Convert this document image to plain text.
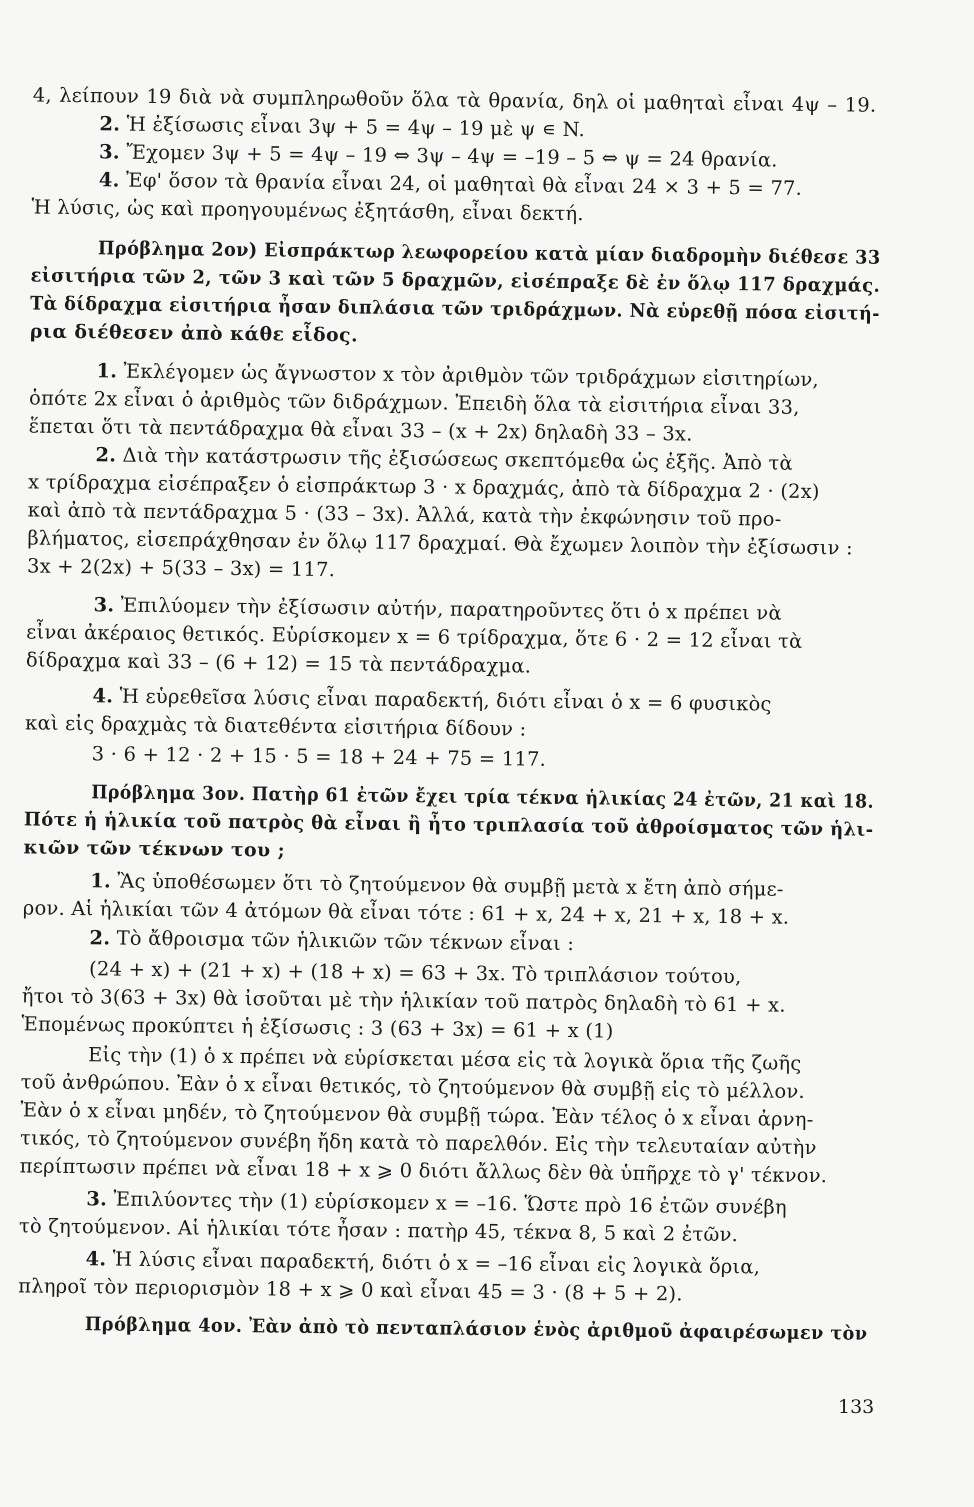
4, λείπουν 19 διὰ νὰ συμπληρωθοῦν ὅλα τὰ θρανία, δηλ οἱ μαθηταὶ εἶναι 4ψ – 19.
2. Ἡ ἐξίσωσις εἶναι 3ψ + 5 = 4ψ – 19 μὲ ψ ∊ N.
3. Ἔχομεν 3ψ + 5 = 4ψ – 19 ⇔ 3ψ – 4ψ = –19 – 5 ⇔ ψ = 24 θρανία.
4. Ἐφ' ὅσον τὰ θρανία εἶναι 24, οἱ μαθηταὶ θὰ εἶναι 24 × 3 + 5 = 77.
Ἡ λύσις, ὡς καὶ προηγουμένως ἐξητάσθη, εἶναι δεκτή.
Πρόβλημα 2ον) Εἰσπράκτωρ λεωφορείου κατὰ μίαν διαδρομὴν διέθεσε 33
εἰσιτήρια τῶν 2, τῶν 3 καὶ τῶν 5 δραχμῶν, εἰσέπραξε δὲ ἐν ὅλῳ 117 δραχμάς.
Τὰ δίδραχμα εἰσιτήρια ἦσαν διπλάσια τῶν τριδράχμων. Νὰ εὑρεθῇ πόσα εἰσιτή-
ρια διέθεσεν ἀπὸ κάθε εἶδος.
1. Ἐκλέγομεν ὡς ἄγνωστον x τὸν ἀριθμὸν τῶν τριδράχμων εἰσιτηρίων,
ὁπότε 2x εἶναι ὁ ἀριθμὸς τῶν διδράχμων. Ἐπειδὴ ὅλα τὰ εἰσιτήρια εἶναι 33,
ἕπεται ὅτι τὰ πεντάδραχμα θὰ εἶναι 33 – (x + 2x) δηλαδὴ 33 – 3x.
2. Διὰ τὴν κατάστρωσιν τῆς ἐξισώσεως σκεπτόμεθα ὡς ἑξῆς. Ἀπὸ τὰ
x τρίδραχμα εἰσέπραξεν ὁ εἰσπράκτωρ 3 · x δραχμάς, ἀπὸ τὰ δίδραχμα 2 · (2x)
καὶ ἀπὸ τὰ πεντάδραχμα 5 · (33 – 3x). Ἀλλά, κατὰ τὴν ἐκφώνησιν τοῦ προ-
βλήματος, εἰσεπράχθησαν ἐν ὅλῳ 117 δραχμαί. Θὰ ἔχωμεν λοιπὸν τὴν ἐξίσωσιν :
3x + 2(2x) + 5(33 – 3x) = 117.
3. Ἐπιλύομεν τὴν ἐξίσωσιν αὐτήν, παρατηροῦντες ὅτι ὁ x πρέπει νὰ
εἶναι ἀκέραιος θετικός. Εὑρίσκομεν x = 6 τρίδραχμα, ὅτε 6 · 2 = 12 εἶναι τὰ
δίδραχμα καὶ 33 – (6 + 12) = 15 τὰ πεντάδραχμα.
4. Ἡ εὑρεθεῖσα λύσις εἶναι παραδεκτή, διότι εἶναι ὁ x = 6 φυσικὸς
καὶ εἰς δραχμὰς τὰ διατεθέντα εἰσιτήρια δίδουν :
3 · 6 + 12 · 2 + 15 · 5 = 18 + 24 + 75 = 117.
Πρόβλημα 3ον. Πατὴρ 61 ἐτῶν ἔχει τρία τέκνα ἡλικίας 24 ἐτῶν, 21 καὶ 18.
Πότε ἡ ἡλικία τοῦ πατρὸς θὰ εἶναι ἢ ἦτο τριπλασία τοῦ ἀθροίσματος τῶν ἡλι-
κιῶν τῶν τέκνων του ;
1. Ἂς ὑποθέσωμεν ὅτι τὸ ζητούμενον θὰ συμβῇ μετὰ x ἔτη ἀπὸ σήμε-
ρον. Αἱ ἡλικίαι τῶν 4 ἀτόμων θὰ εἶναι τότε : 61 + x, 24 + x, 21 + x, 18 + x.
2. Τὸ ἄθροισμα τῶν ἡλικιῶν τῶν τέκνων εἶναι :
(24 + x) + (21 + x) + (18 + x) = 63 + 3x. Τὸ τριπλάσιον τούτου,
ἤτοι τὸ 3(63 + 3x) θὰ ἰσοῦται μὲ τὴν ἡλικίαν τοῦ πατρὸς δηλαδὴ τὸ 61 + x.
Ἑπομένως προκύπτει ἡ ἐξίσωσις : 3 (63 + 3x) = 61 + x (1)
Εἰς τὴν (1) ὁ x πρέπει νὰ εὑρίσκεται μέσα εἰς τὰ λογικὰ ὅρια τῆς ζωῆς
τοῦ ἀνθρώπου. Ἐὰν ὁ x εἶναι θετικός, τὸ ζητούμενον θὰ συμβῇ εἰς τὸ μέλλον.
Ἐὰν ὁ x εἶναι μηδέν, τὸ ζητούμενον θὰ συμβῇ τώρα. Ἐὰν τέλος ὁ x εἶναι ἀρνη-
τικός, τὸ ζητούμενον συνέβη ἤδη κατὰ τὸ παρελθόν. Εἰς τὴν τελευταίαν αὐτὴν
περίπτωσιν πρέπει νὰ εἶναι 18 + x ⩾ 0 διότι ἄλλως δὲν θὰ ὑπῆρχε τὸ γ' τέκνον.
3. Ἐπιλύοντες τὴν (1) εὑρίσκομεν x = –16. Ὥστε πρὸ 16 ἐτῶν συνέβη
τὸ ζητούμενον. Αἱ ἡλικίαι τότε ἦσαν : πατὴρ 45, τέκνα 8, 5 καὶ 2 ἐτῶν.
4. Ἡ λύσις εἶναι παραδεκτή, διότι ὁ x = –16 εἶναι εἰς λογικὰ ὅρια,
πληροῖ τὸν περιορισμὸν 18 + x ⩾ 0 καὶ εἶναι 45 = 3 · (8 + 5 + 2).
Πρόβλημα 4ον. Ἐὰν ἀπὸ τὸ πενταπλάσιον ἑνὸς ἀριθμοῦ ἀφαιρέσωμεν τὸν
133
